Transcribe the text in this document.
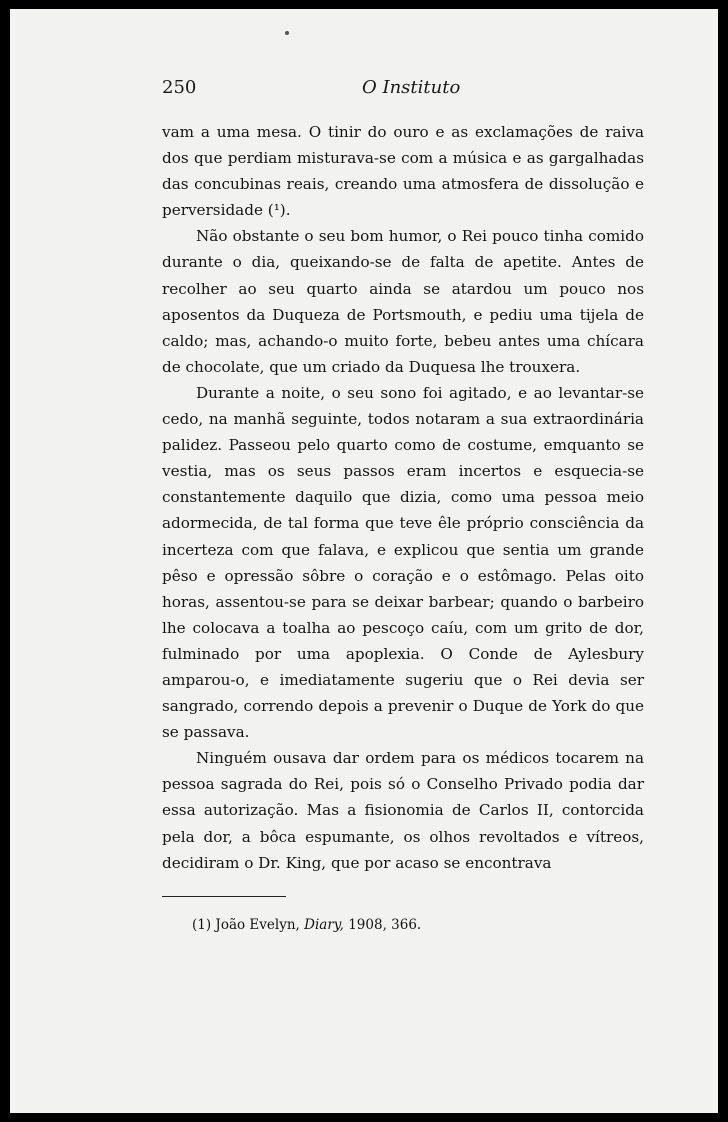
250	O Instituto

vam a uma mesa. O tinir do ouro e as exclamações de raiva dos que perdiam misturava-se com a música e as gargalhadas das concubinas reais, creando uma atmosfera de dissolução e perversidade (¹).

Não obstante o seu bom humor, o Rei pouco tinha comido durante o dia, queixando-se de falta de apetite. Antes de recolher ao seu quarto ainda se atardou um pouco nos aposentos da Duqueza de Portsmouth, e pediu uma tijela de caldo; mas, achando-o muito forte, bebeu antes uma chícara de chocolate, que um criado da Duquesa lhe trouxera.

Durante a noite, o seu sono foi agitado, e ao levantar-se cedo, na manhã seguinte, todos notaram a sua extraordinária palidez. Passeou pelo quarto como de costume, emquanto se vestia, mas os seus passos eram incertos e esquecia-se constantemente daquilo que dizia, como uma pessoa meio adormecida, de tal forma que teve êle próprio consciência da incerteza com que falava, e explicou que sentia um grande pêso e opressão sôbre o coração e o estômago. Pelas oito horas, assentou-se para se deixar barbear; quando o barbeiro lhe colocava a toalha ao pescoço caíu, com um grito de dor, fulminado por uma apoplexia. O Conde de Aylesbury amparou-o, e imediatamente sugeriu que o Rei devia ser sangrado, correndo depois a prevenir o Duque de York do que se passava.

Ninguém ousava dar ordem para os médicos tocarem na pessoa sagrada do Rei, pois só o Conselho Privado podia dar essa autorização. Mas a fisionomia de Carlos II, contorcida pela dor, a bôca espumante, os olhos revoltados e vítreos, decidiram o Dr. King, que por acaso se encontrava

(1) João Evelyn, Diary, 1908, 366.
